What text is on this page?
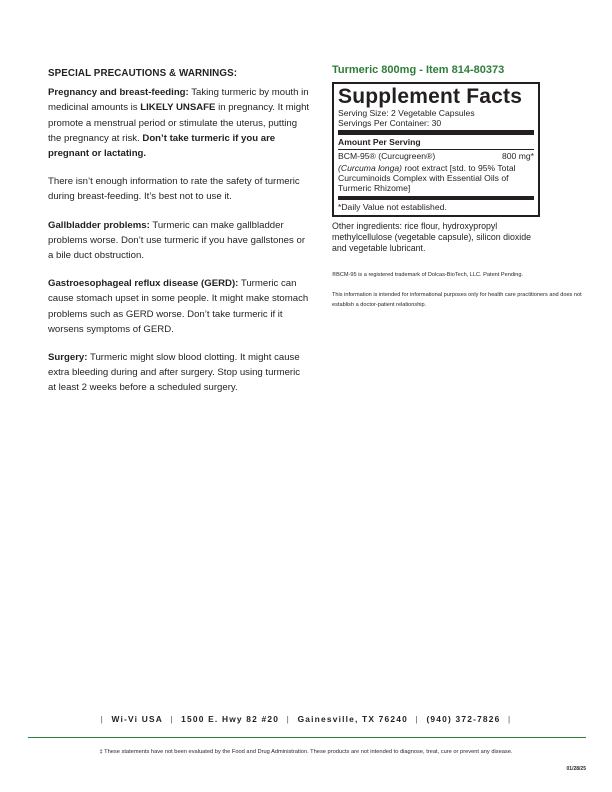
SPECIAL PRECAUTIONS & WARNINGS:

Pregnancy and breast-feeding: Taking turmeric by mouth in medicinal amounts is LIKELY UNSAFE in pregnancy. It might promote a menstrual period or stimulate the uterus, putting the pregnancy at risk. Don’t take turmeric if you are pregnant or lactating.

There isn’t enough information to rate the safety of turmeric during breast-feeding. It’s best not to use it.

Gallbladder problems: Turmeric can make gallbladder problems worse. Don’t use turmeric if you have gallstones or a bile duct obstruction.

Gastroesophageal reflux disease (GERD): Turmeric can cause stomach upset in some people. It might make stomach problems such as GERD worse. Don’t take turmeric if it worsens symptoms of GERD.

Surgery: Turmeric might slow blood clotting. It might cause extra bleeding during and after surgery. Stop using turmeric at least 2 weeks before a scheduled surgery.

Turmeric 800mg - Item 814-80373
Supplement Facts
Serving Size: 2 Vegetable Capsules
Servings Per Container: 30
Amount Per Serving
BCM-95® (Curcugreen®)	800 mg*
(Curcuma longa) root extract [std. to 95% Total Curcuminoids Complex with Essential Oils of Turmeric Rhizome]
*Daily Value not established.
Other ingredients: rice flour, hydroxypropyl methylcellulose (vegetable capsule), silicon dioxide and vegetable lubricant.
®BCM-95 is a registered trademark of Dolcas-BioTech, LLC. Patent Pending.
This information is intended for informational purposes only for health care practitioners and does not establish a doctor-patient relationship.
| Wi-Vi USA | 1500 E. Hwy 82 #20 | Gainesville, TX 76240 | (940) 372-7826 |
‡ These statements have not been evaluated by the Food and Drug Administration. These products are not intended to diagnose, treat, cure or prevent any disease.
01/28/25
